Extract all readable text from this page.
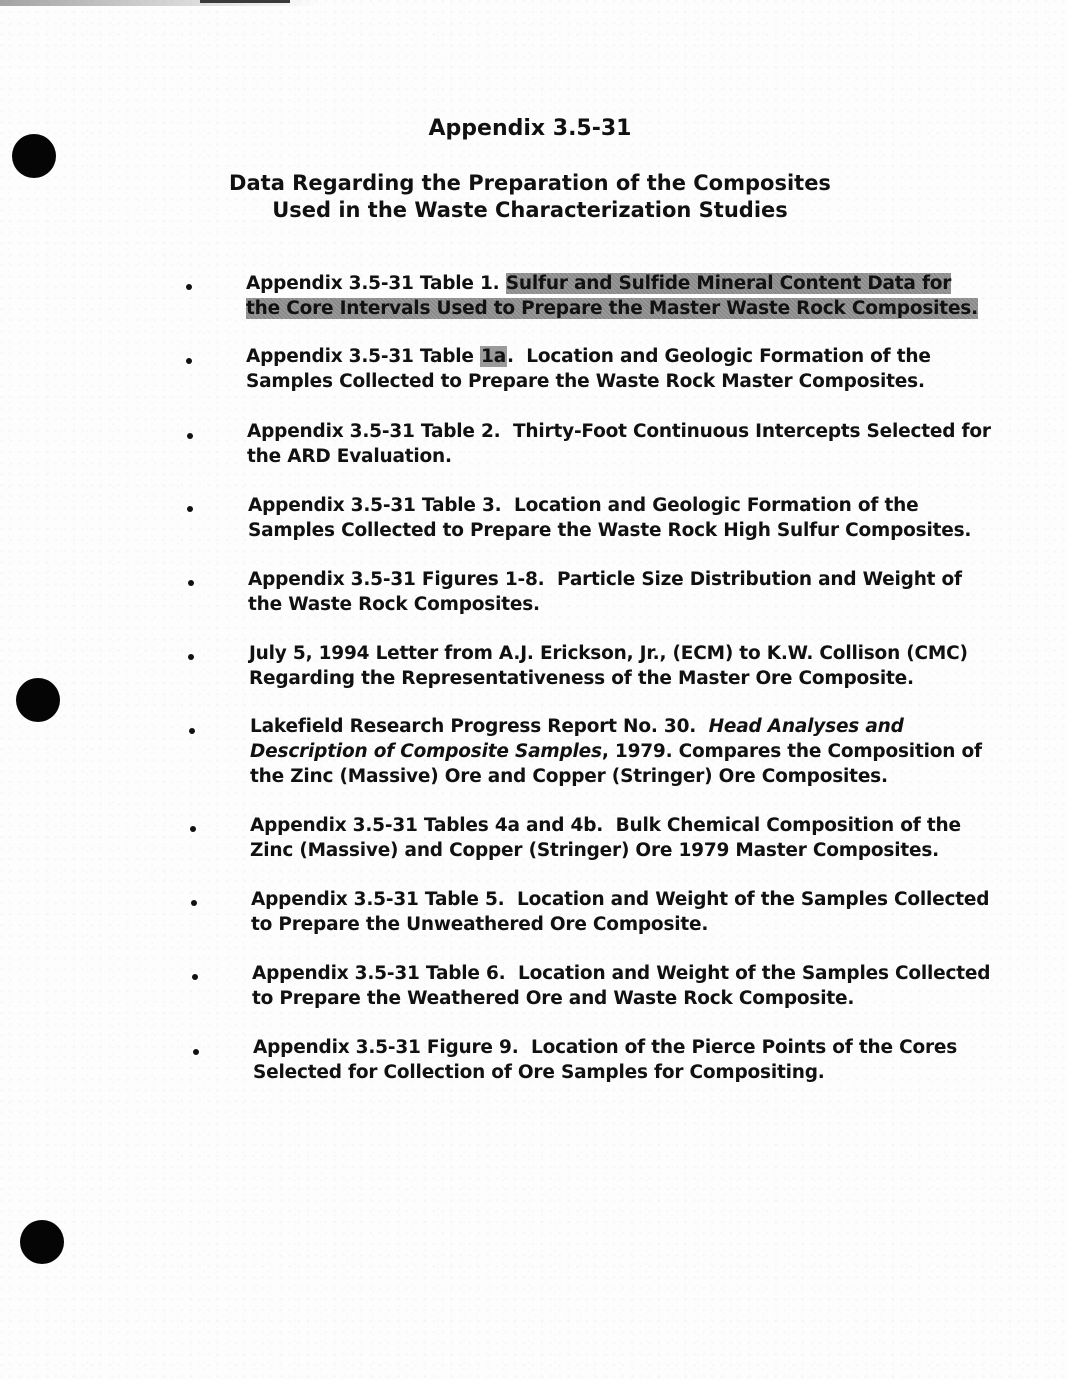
Appendix 3.5-31
Data Regarding the Preparation of the Composites
Used in the Waste Characterization Studies
Appendix 3.5-31 Table 1. Sulfur and Sulfide Mineral Content Data for
the Core Intervals Used to Prepare the Master Waste Rock Composites.
Appendix 3.5-31 Table 1a. Location and Geologic Formation of the
Samples Collected to Prepare the Waste Rock Master Composites.
Appendix 3.5-31 Table 2. Thirty-Foot Continuous Intercepts Selected for
the ARD Evaluation.
Appendix 3.5-31 Table 3. Location and Geologic Formation of the
Samples Collected to Prepare the Waste Rock High Sulfur Composites.
Appendix 3.5-31 Figures 1-8. Particle Size Distribution and Weight of
the Waste Rock Composites.
July 5, 1994 Letter from A.J. Erickson, Jr., (ECM) to K.W. Collison (CMC)
Regarding the Representativeness of the Master Ore Composite.
Lakefield Research Progress Report No. 30. Head Analyses and
Description of Composite Samples, 1979. Compares the Composition of
the Zinc (Massive) Ore and Copper (Stringer) Ore Composites.
Appendix 3.5-31 Tables 4a and 4b. Bulk Chemical Composition of the
Zinc (Massive) and Copper (Stringer) Ore 1979 Master Composites.
Appendix 3.5-31 Table 5. Location and Weight of the Samples Collected
to Prepare the Unweathered Ore Composite.
Appendix 3.5-31 Table 6. Location and Weight of the Samples Collected
to Prepare the Weathered Ore and Waste Rock Composite.
Appendix 3.5-31 Figure 9. Location of the Pierce Points of the Cores
Selected for Collection of Ore Samples for Compositing.
